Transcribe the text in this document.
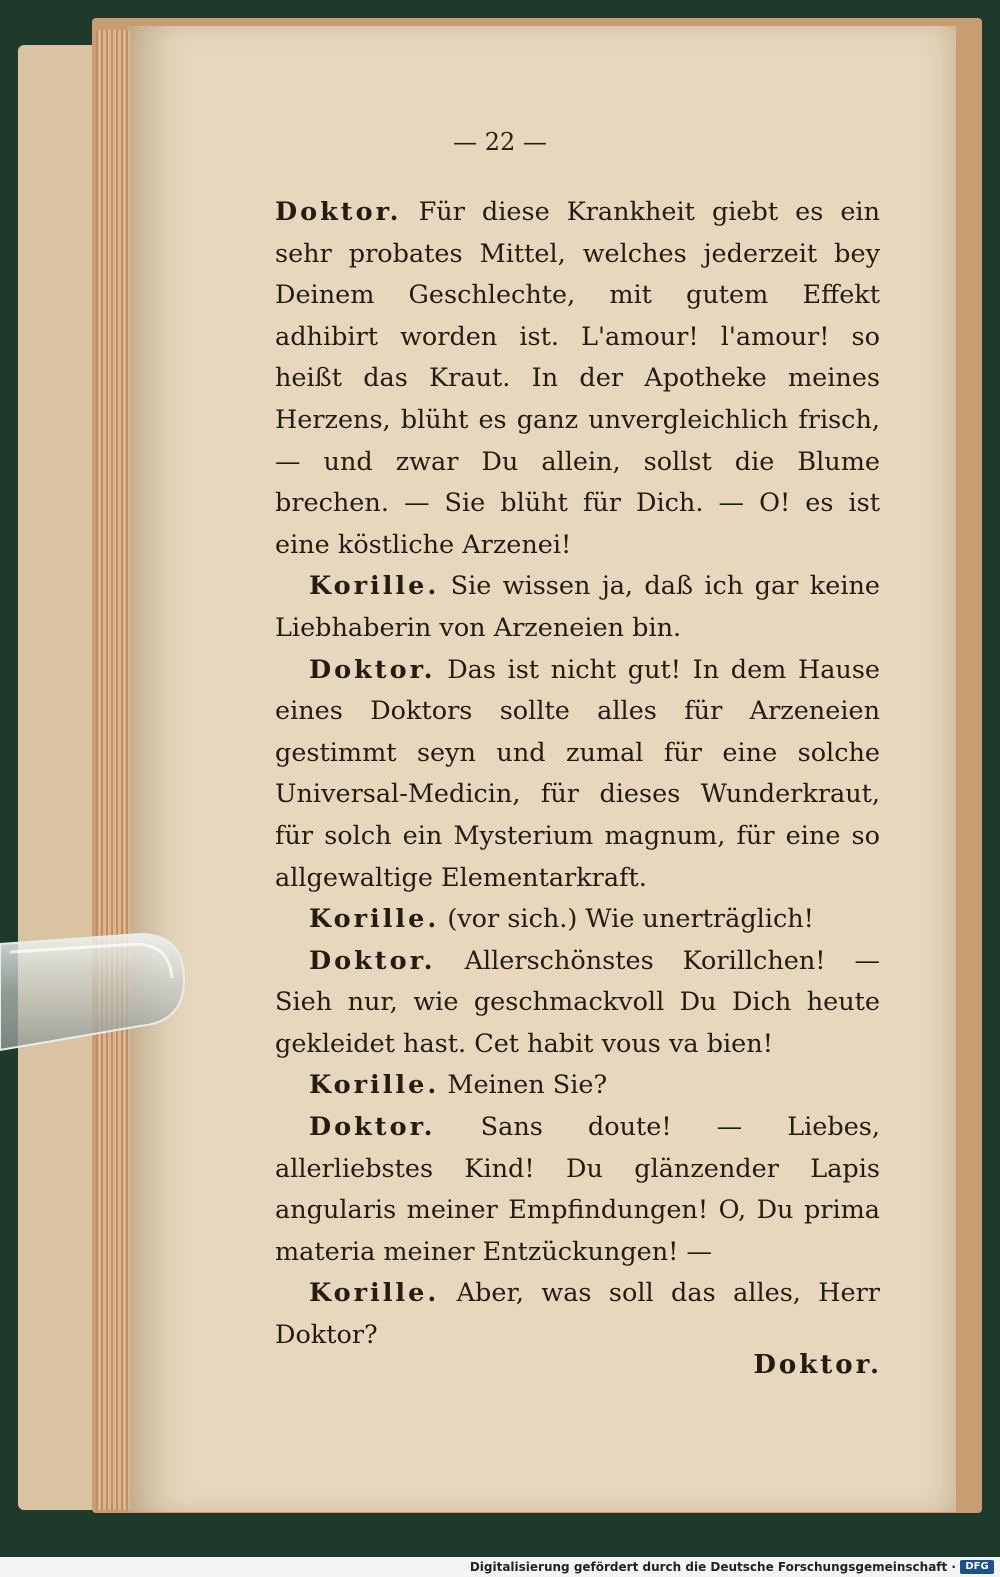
— 22 —

Doktor. Für diese Krankheit giebt es ein sehr probates Mittel, welches jederzeit bey Deinem Geschlechte, mit gutem Effekt adhibirt worden ist. L'amour! l'amour! so heißt das Kraut. In der Apotheke meines Herzens, blüht es ganz unvergleichlich frisch, — und zwar Du allein, sollst die Blume brechen. — Sie blüht für Dich. — O! es ist eine köstliche Arzenei!

Korille. Sie wissen ja, daß ich gar keine Liebhaberin von Arzeneien bin.

Doktor. Das ist nicht gut! In dem Hause eines Doktors sollte alles für Arzeneien gestimmt seyn und zumal für eine solche Universal-Medicin, für dieses Wunderkraut, für solch ein Mysterium magnum, für eine so allgewaltige Elementarkraft.

Korille. (vor sich.) Wie unerträglich!

Doktor. Allerschönstes Korillchen! — Sieh nur, wie geschmackvoll Du Dich heute gekleidet hast. Cet habit vous va bien!

Korille. Meinen Sie?

Doktor. Sans doute! — Liebes, allerliebstes Kind! Du glänzender Lapis angularis meiner Empfindungen! O, Du prima materia meiner Entzückungen! —

Korille. Aber, was soll das alles, Herr Doktor?

Doktor.
Digitalisierung gefördert durch die Deutsche Forschungsgemeinschaft · DFG
